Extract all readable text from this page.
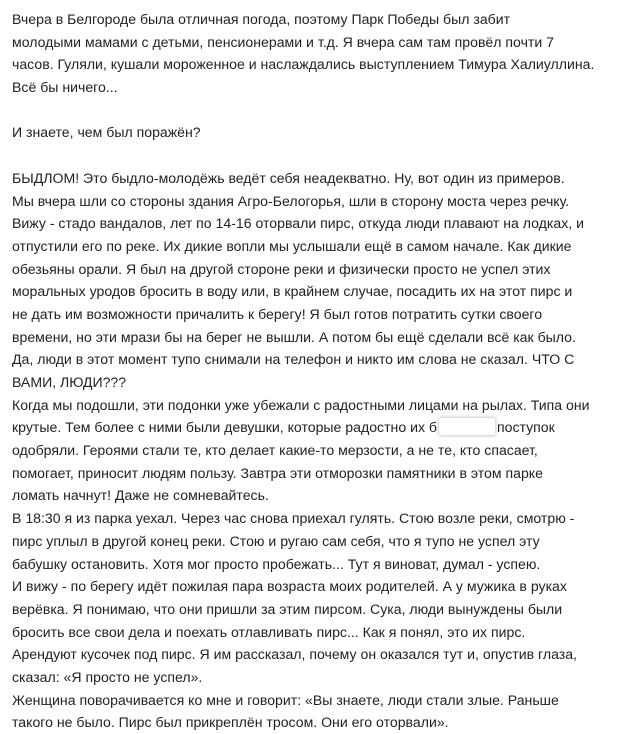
Вчера в Белгороде была отличная погода, поэтому Парк Победы был забит
молодыми мамами с детьми, пенсионерами и т.д. Я вчера сам там провёл почти 7
часов. Гуляли, кушали мороженное и наслаждались выступлением Тимура Халиуллина.
Всё бы ничего...
И знаете, чем был поражён?
БЫДЛОМ! Это быдло-молодёжь ведёт себя неадекватно. Ну, вот один из примеров.
Мы вчера шли со стороны здания Агро-Белогорья, шли в сторону моста через речку.
Вижу - стадо вандалов, лет по 14-16 оторвали пирс, откуда люди плавают на лодках, и
отпустили его по реке. Их дикие вопли мы услышали ещё в самом начале. Как дикие
обезьяны орали. Я был на другой стороне реки и физически просто не успел этих
моральных уродов бросить в воду или, в крайнем случае, посадить их на этот пирс и
не дать им возможности причалить к берегу! Я был готов потратить сутки своего
времени, но эти мрази бы на берег не вышли. А потом бы ещё сделали всё как было.
Да, люди в этот момент тупо снимали на телефон и никто им слова не сказал. ЧТО С
ВАМИ, ЛЮДИ???
Когда мы подошли, эти подонки уже убежали с радостными лицами на рылах. Типа они
крутые. Тем более с ними были девушки, которые радостно их б	поступок
одобряли. Героями стали те, кто делает какие-то мерзости, а не те, кто спасает,
помогает, приносит людям пользу. Завтра эти отморозки памятники в этом парке
ломать начнут! Даже не сомневайтесь.
В 18:30 я из парка уехал. Через час снова приехал гулять. Стою возле реки, смотрю -
пирс уплыл в другой конец реки. Стою и ругаю сам себя, что я тупо не успел эту
бабушку остановить. Хотя мог просто пробежать... Тут я виноват, думал - успею.
И вижу - по берегу идёт пожилая пара возраста моих родителей. А у мужика в руках
верёвка. Я понимаю, что они пришли за этим пирсом. Сука, люди вынуждены были
бросить все свои дела и поехать отлавливать пирс... Как я понял, это их пирс.
Арендуют кусочек под пирс. Я им рассказал, почему он оказался тут и, опустив глаза,
сказал: «Я просто не успел».
Женщина поворачивается ко мне и говорит: «Вы знаете, люди стали злые. Раньше
такого не было. Пирс был прикреплён тросом. Они его оторвали».
